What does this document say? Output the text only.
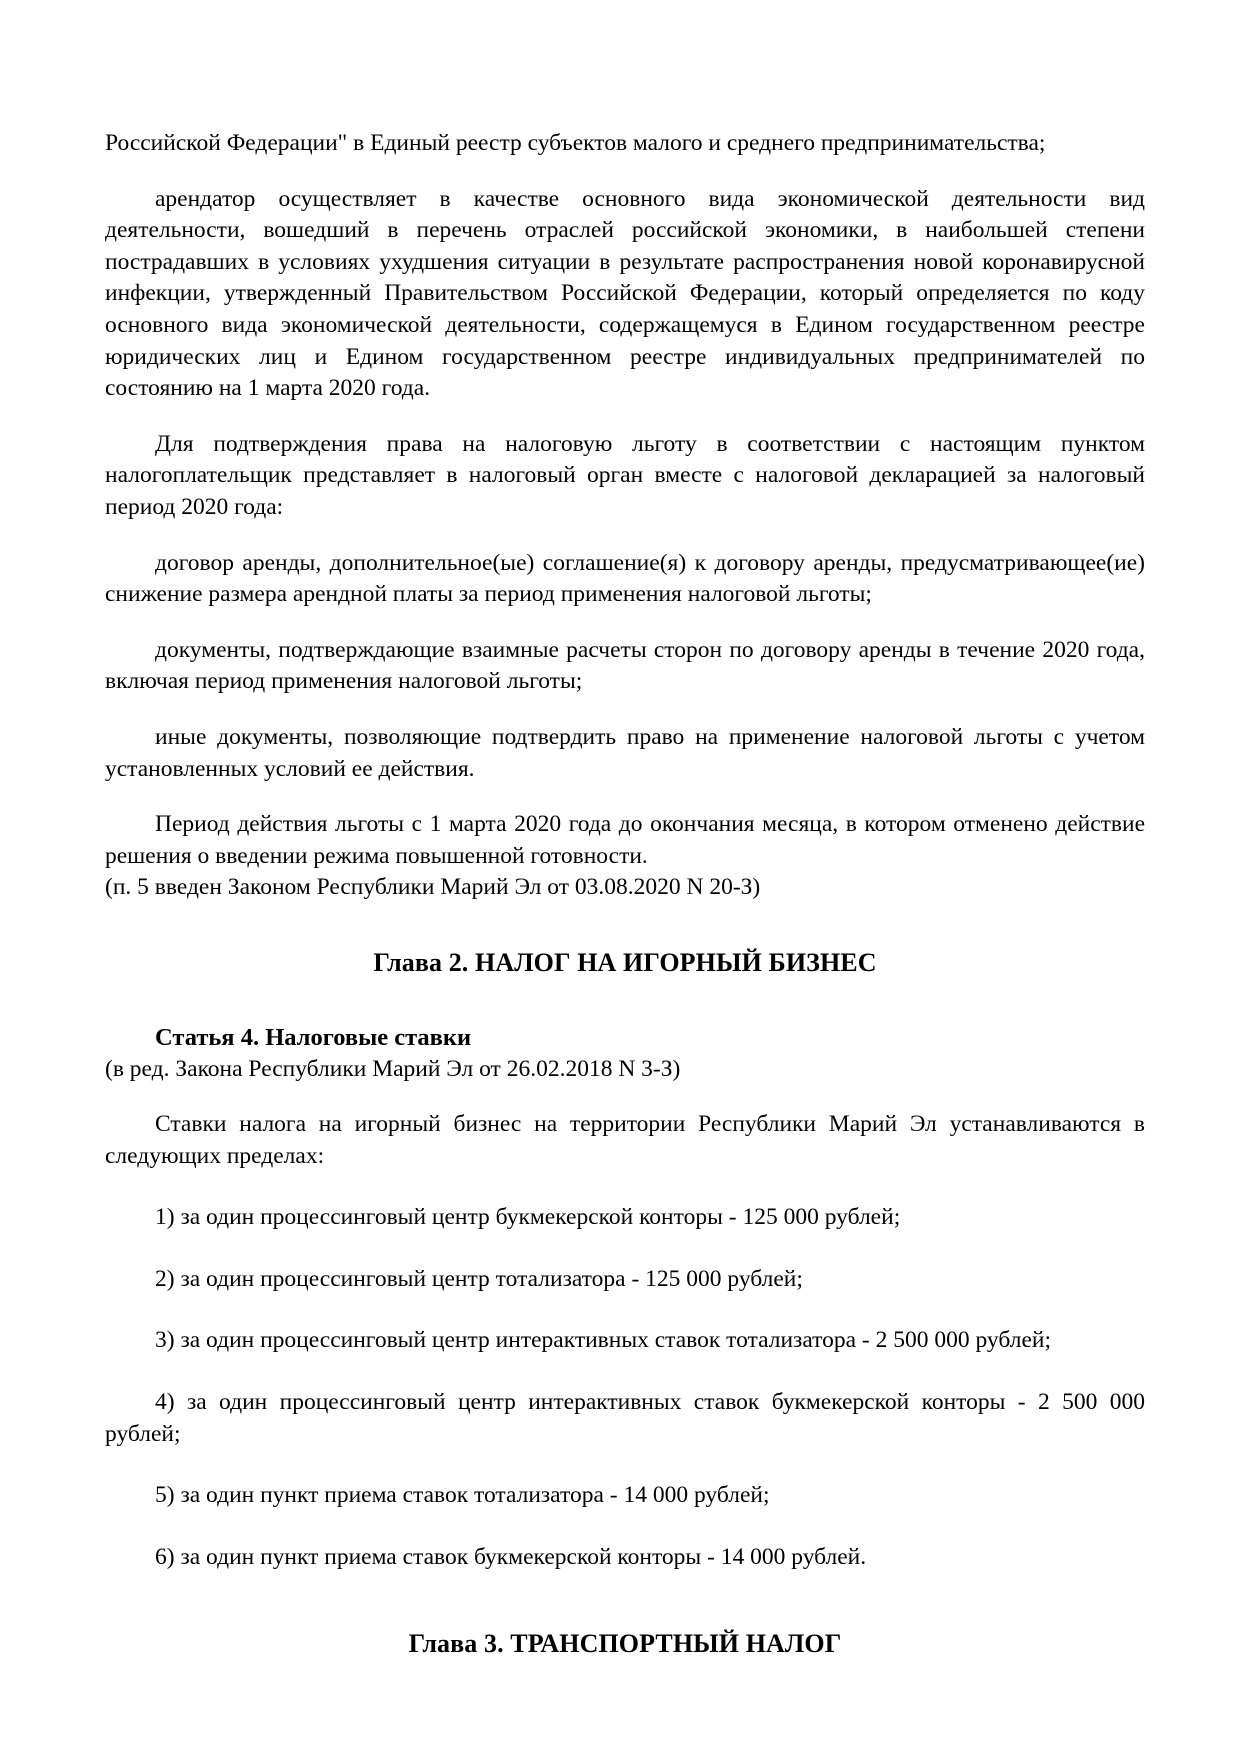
Российской Федерации" в Единый реестр субъектов малого и среднего предпринимательства;

арендатор осуществляет в качестве основного вида экономической деятельности вид деятельности, вошедший в перечень отраслей российской экономики, в наибольшей степени пострадавших в условиях ухудшения ситуации в результате распространения новой коронавирусной инфекции, утвержденный Правительством Российской Федерации, который определяется по коду основного вида экономической деятельности, содержащемуся в Едином государственном реестре юридических лиц и Едином государственном реестре индивидуальных предпринимателей по состоянию на 1 марта 2020 года.

Для подтверждения права на налоговую льготу в соответствии с настоящим пунктом налогоплательщик представляет в налоговый орган вместе с налоговой декларацией за налоговый период 2020 года:

договор аренды, дополнительное(ые) соглашение(я) к договору аренды, предусматривающее(ие) снижение размера арендной платы за период применения налоговой льготы;

документы, подтверждающие взаимные расчеты сторон по договору аренды в течение 2020 года, включая период применения налоговой льготы;

иные документы, позволяющие подтвердить право на применение налоговой льготы с учетом установленных условий ее действия.

Период действия льготы с 1 марта 2020 года до окончания месяца, в котором отменено действие решения о введении режима повышенной готовности.

(п. 5 введен Законом Республики Марий Эл от 03.08.2020 N 20-З)

Глава 2. НАЛОГ НА ИГОРНЫЙ БИЗНЕС

Статья 4. Налоговые ставки

(в ред. Закона Республики Марий Эл от 26.02.2018 N 3-З)

Ставки налога на игорный бизнес на территории Республики Марий Эл устанавливаются в следующих пределах:

1) за один процессинговый центр букмекерской конторы - 125 000 рублей;

2) за один процессинговый центр тотализатора - 125 000 рублей;

3) за один процессинговый центр интерактивных ставок тотализатора - 2 500 000 рублей;

4) за один процессинговый центр интерактивных ставок букмекерской конторы - 2 500 000 рублей;

5) за один пункт приема ставок тотализатора - 14 000 рублей;

6) за один пункт приема ставок букмекерской конторы - 14 000 рублей.

Глава 3. ТРАНСПОРТНЫЙ НАЛОГ
